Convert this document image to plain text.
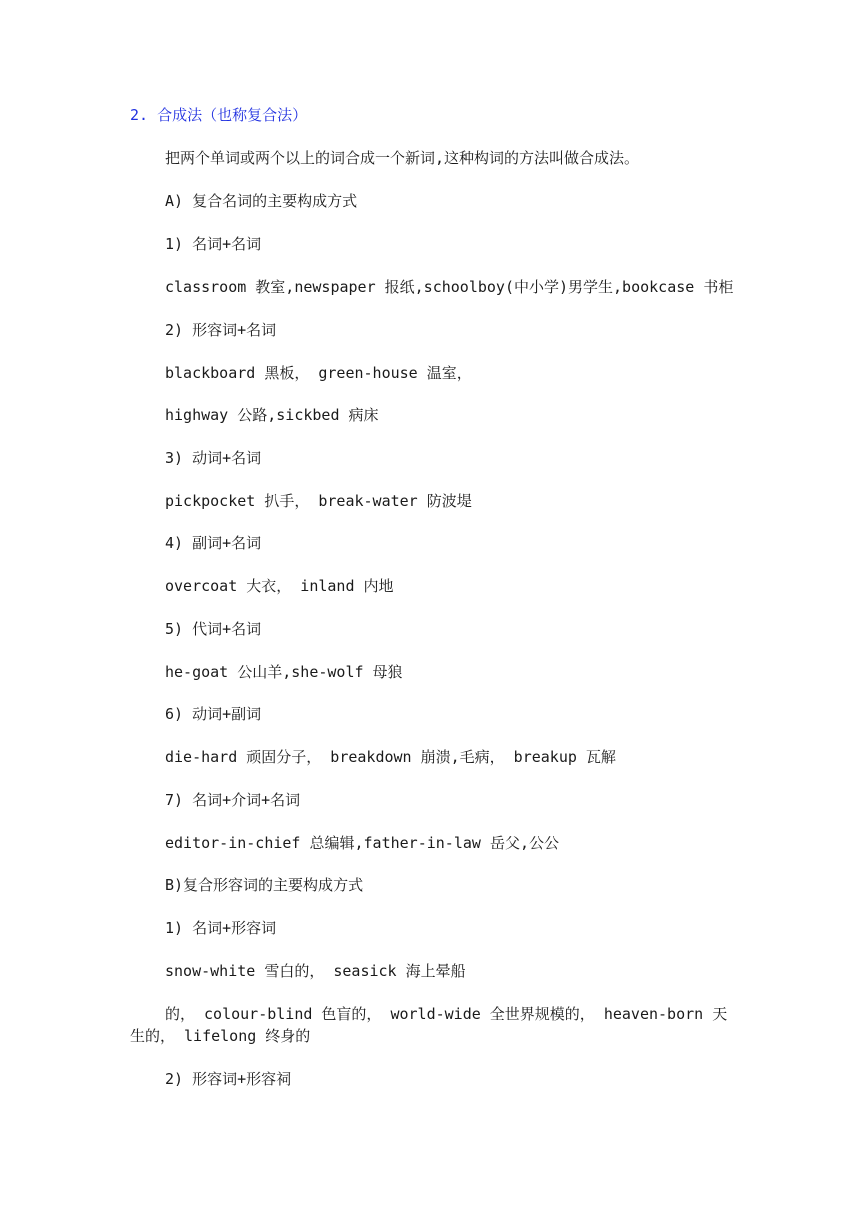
2. 合成法（也称复合法）
把两个单词或两个以上的词合成一个新词,这种构词的方法叫做合成法。
A) 复合名词的主要构成方式
1) 名词+名词
classroom 教室,newspaper 报纸,schoolboy(中小学)男学生,bookcase 书柜
2) 形容词+名词
blackboard 黑板， green-house 温室，
highway 公路,sickbed 病床
3) 动词+名词
pickpocket 扒手， break-water 防波堤
4) 副词+名词
overcoat 大衣， inland 内地
5) 代词+名词
he-goat 公山羊,she-wolf 母狼
6) 动词+副词
die-hard 顽固分子， breakdown 崩溃,毛病， breakup 瓦解
7) 名词+介词+名词
editor-in-chief 总编辑,father-in-law 岳父,公公
B)复合形容词的主要构成方式
1) 名词+形容词
snow-white 雪白的， seasick 海上晕船
的， colour-blind 色盲的， world-wide 全世界规模的， heaven-born 天生的， lifelong 终身的
2) 形容词+形容祠
